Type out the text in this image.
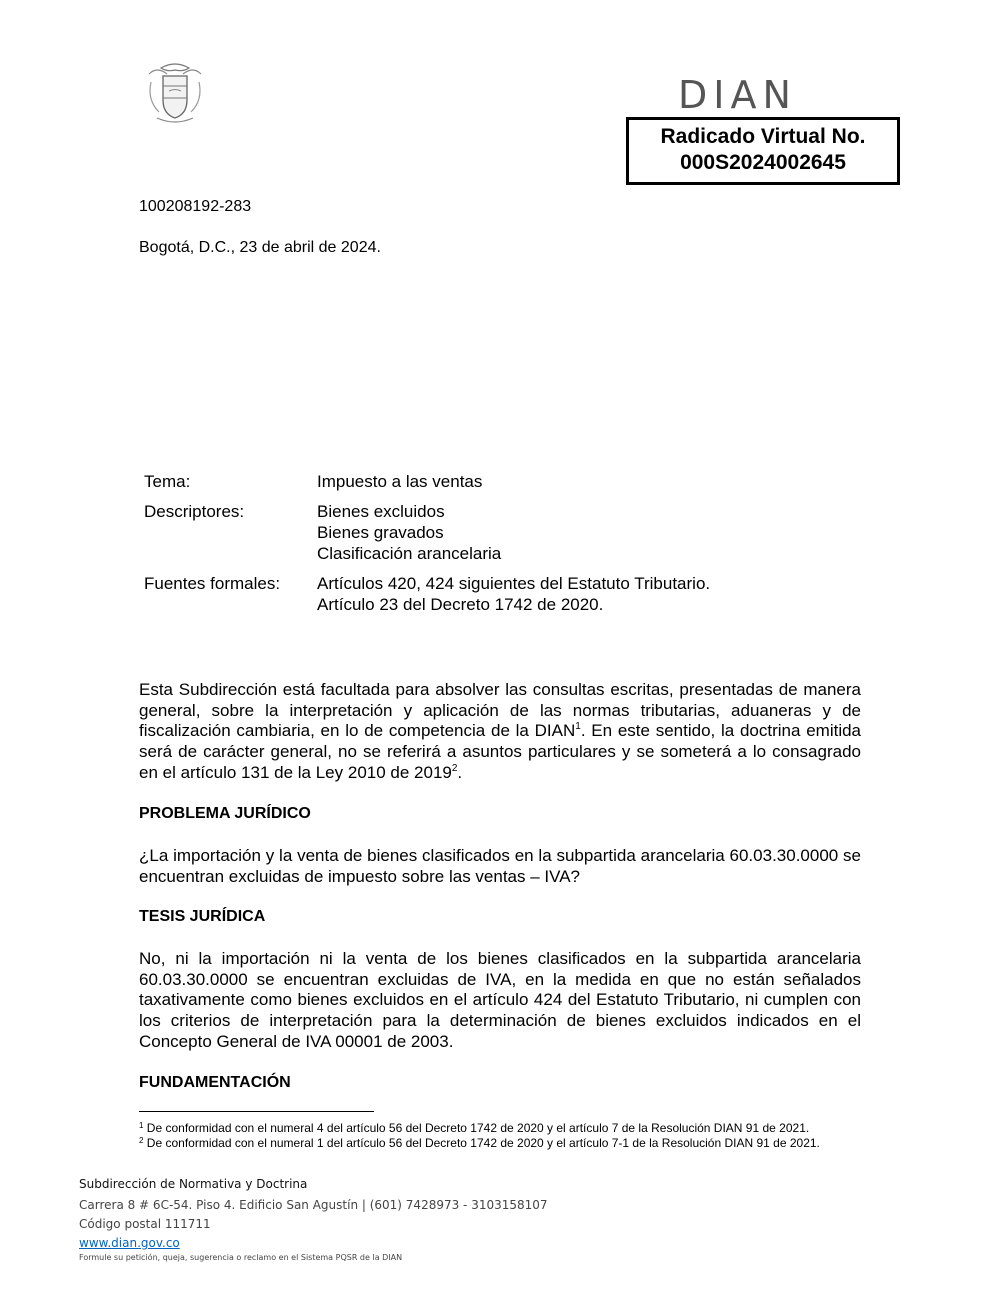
DIAN
Radicado Virtual No.
000S2024002645
100208192-283
Bogotá, D.C., 23 de abril de 2024.
Tema:	Impuesto a las ventas
Descriptores:	Bienes excluidos
Bienes gravados
Clasificación arancelaria
Fuentes formales:	Artículos 420, 424 siguientes del Estatuto Tributario.
Artículo 23 del Decreto 1742 de 2020.
Esta Subdirección está facultada para absolver las consultas escritas, presentadas de manera general, sobre la interpretación y aplicación de las normas tributarias, aduaneras y de fiscalización cambiaria, en lo de competencia de la DIAN$^1$. En este sentido, la doctrina emitida será de carácter general, no se referirá a asuntos particulares y se someterá a lo consagrado en el artículo 131 de la Ley 2010 de 2019$^2$.
PROBLEMA JURÍDICO
¿La importación y la venta de bienes clasificados en la subpartida arancelaria 60.03.30.0000 se encuentran excluidas de impuesto sobre las ventas – IVA?
TESIS JURÍDICA
No, ni la importación ni la venta de los bienes clasificados en la subpartida arancelaria 60.03.30.0000 se encuentran excluidas de IVA, en la medida en que no están señalados taxativamente como bienes excluidos en el artículo 424 del Estatuto Tributario, ni cumplen con los criterios de interpretación para la determinación de bienes excluidos indicados en el Concepto General de IVA 00001 de 2003.
FUNDAMENTACIÓN
$^1$ De conformidad con el numeral 4 del artículo 56 del Decreto 1742 de 2020 y el artículo 7 de la Resolución DIAN 91 de 2021.
$^2$ De conformidad con el numeral 1 del artículo 56 del Decreto 1742 de 2020 y el artículo 7-1 de la Resolución DIAN 91 de 2021.
Subdirección de Normativa y Doctrina
Carrera 8 # 6C-54. Piso 4. Edificio San Agustín | (601) 7428973 - 3103158107
Código postal 111711
www.dian.gov.co
Formule su petición, queja, sugerencia o reclamo en el Sistema PQSR de la DIAN
